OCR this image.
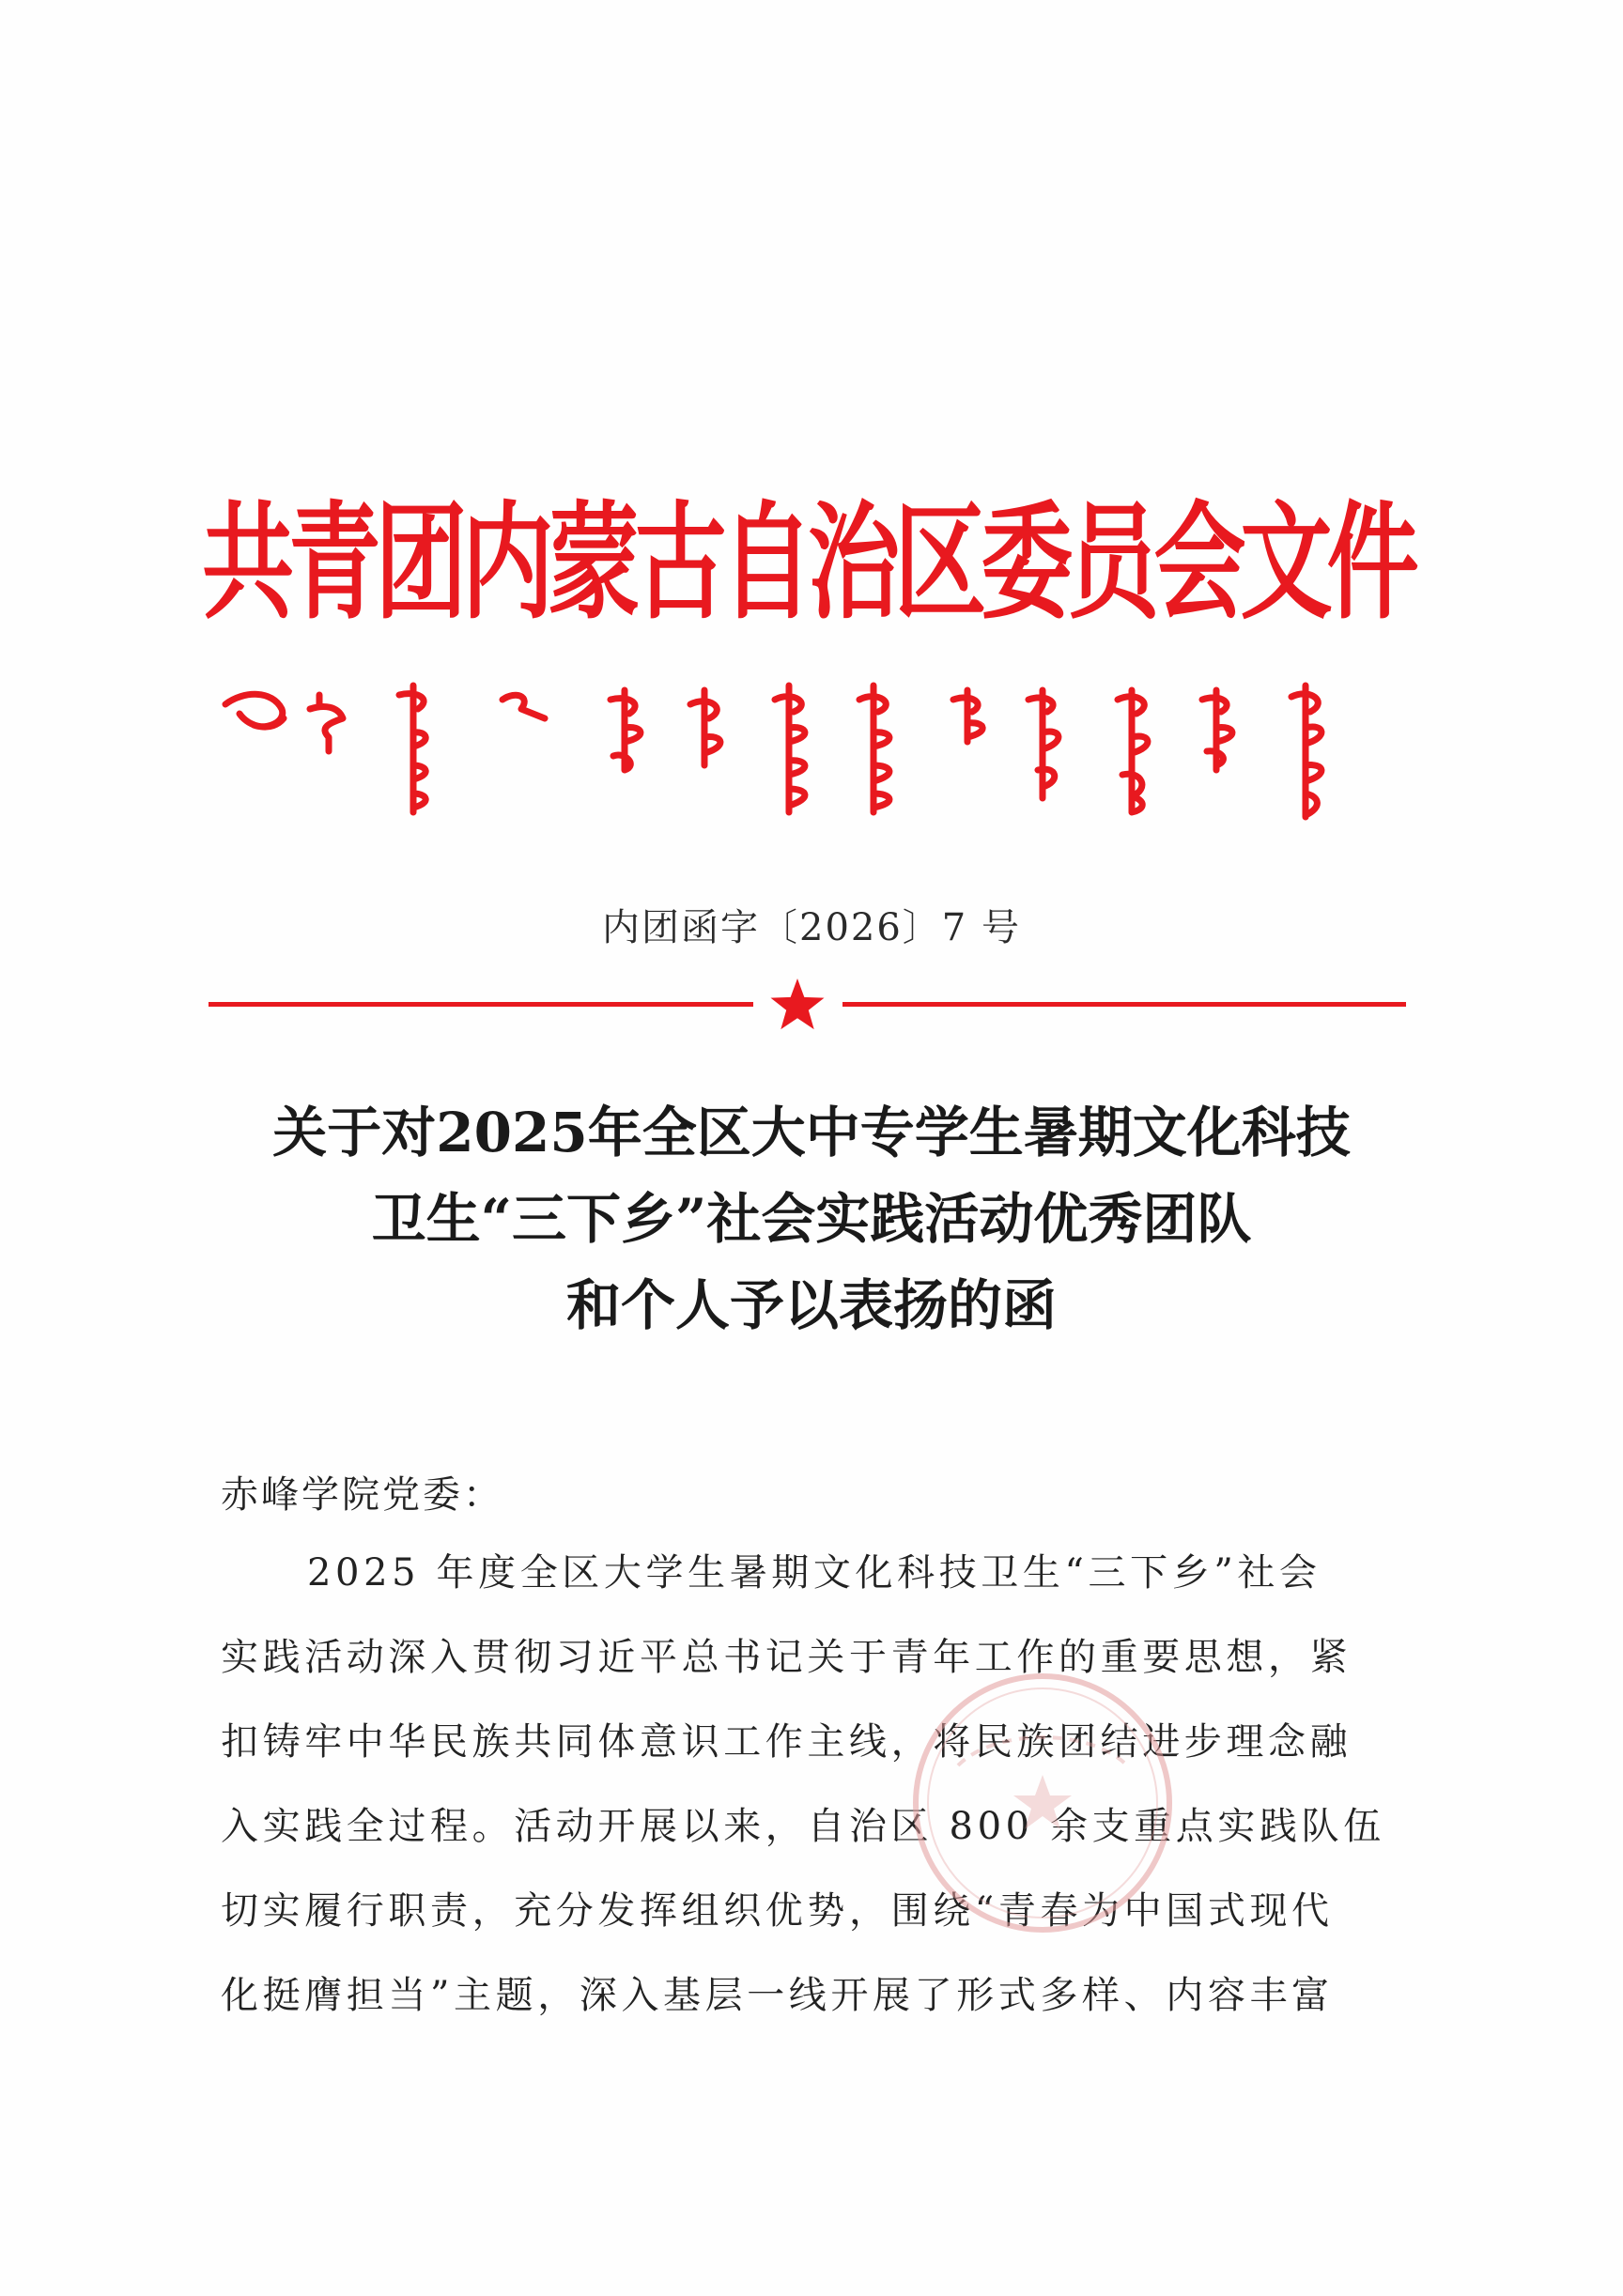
共青团内蒙古自治区委员会文件
内团函字〔2026〕7 号
关于对2025年全区大中专学生暑期文化科技
卫生“三下乡”社会实践活动优秀团队
和个人予以表扬的函
赤峰学院党委：
2025 年度全区大学生暑期文化科技卫生“三下乡”社会
实践活动深入贯彻习近平总书记关于青年工作的重要思想，紧
扣铸牢中华民族共同体意识工作主线，将民族团结进步理念融
入实践全过程。活动开展以来，自治区 800 余支重点实践队伍
切实履行职责，充分发挥组织优势，围绕“青春为中国式现代
化挺膺担当”主题，深入基层一线开展了形式多样、内容丰富
